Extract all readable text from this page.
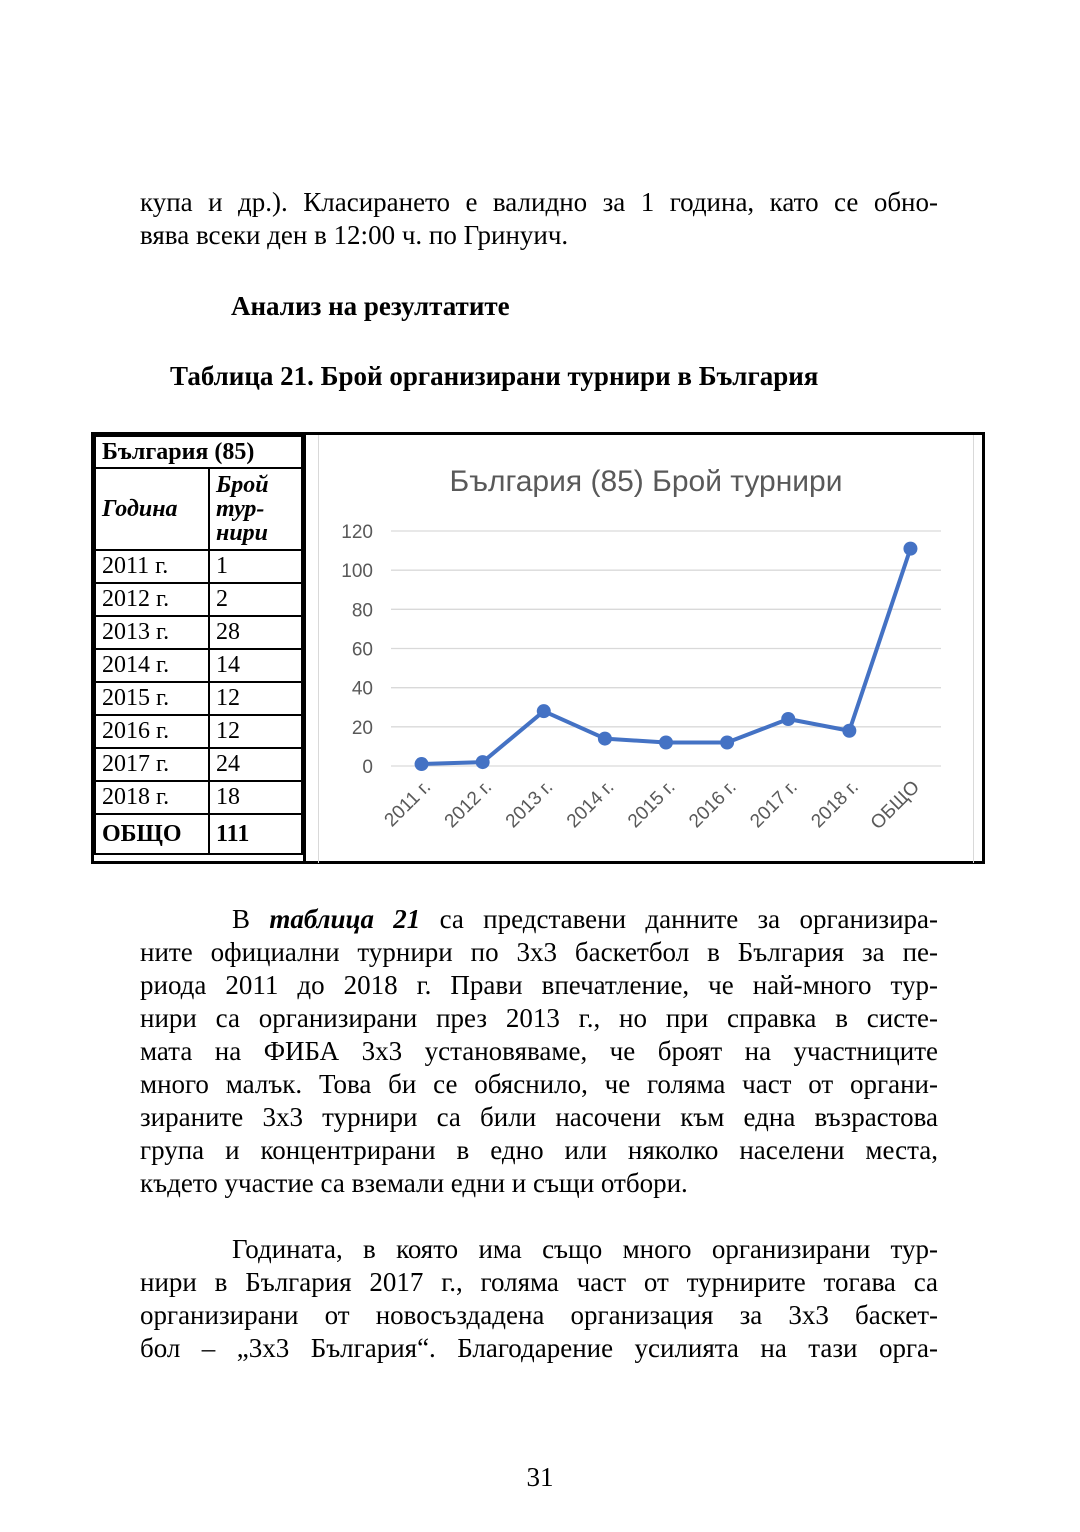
купа и др.). Класирането е валидно за 1 година, като се обно-
вява всеки ден в 12:00 ч. по Гринуич.
Анализ на резултатите
Таблица 21. Брой организирани турнири в България
България (85)	
Година	Брой
тур-
нири

2011 г.	1
2012 г.	2
2013 г.	28
2014 г.	14
2015 г.	12
2016 г.	12
2017 г.	24
2018 г.	18
ОБЩО	111
България (85) Брой турнири
0
20
40
60
80
100
120
2011 г. 2012 г. 2013 г. 2014 г. 2015 г. 2016 г. 2017 г. 2018 г. ОБЩО
В таблица 21 са представени данните за организира-
ните официални турнири по 3х3 баскетбол в България за пе-
риода 2011 до 2018 г. Прави впечатление, че най-много тур-
нири са организирани през 2013 г., но при справка в систе-
мата на ФИБА 3х3 установяваме, че броят на участниците
много малък. Това би се обяснило, че голяма част от органи-
зираните 3х3 турнири са били насочени към една възрастова
група и концентрирани в едно или няколко населени места,
където участие са вземали едни и същи отбори.
Годината, в която има също много организирани тур-
нири в България 2017 г., голяма част от турнирите тогава са
организирани от новосъздадена организация за 3х3 баскет-
бол – „3х3 България“. Благодарение усилията на тази орга-
31
